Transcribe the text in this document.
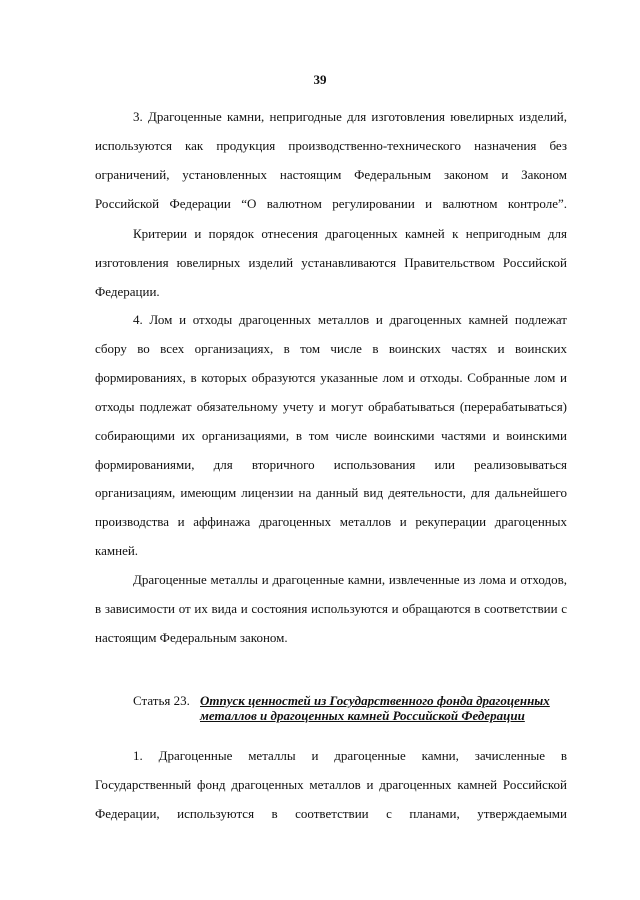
39

3. Драгоценные камни, непригодные для изготовления ювелирных изделий, используются как продукция производственно-технического назначения без ограничений, установленных настоящим Федеральным законом и Законом Российской Федерации “О валютном регулировании и валютном контроле”.

Критерии и порядок отнесения драгоценных камней к непригодным для изготовления ювелирных изделий устанавливаются Правительством Российской Федерации.

4. Лом и отходы драгоценных металлов и драгоценных камней подлежат сбору во всех организациях, в том числе в воинских частях и воинских формированиях, в которых образуются указанные лом и отходы. Собранные лом и отходы подлежат обязательному учету и могут обрабатываться (перерабатываться) собирающими их организациями, в том числе воинскими частями и воинскими формированиями, для вторичного использования или реализовываться организациям, имеющим лицензии на данный вид деятельности, для дальнейшего производства и аффинажа драгоценных металлов и рекуперации драгоценных камней.

Драгоценные металлы и драгоценные камни, извлеченные из лома и отходов, в зависимости от их вида и состояния используются и обращаются в соответствии с настоящим Федеральным законом.

Статья 23. Отпуск ценностей из Государственного фонда драгоценных металлов и драгоценных камней Российской Федерации

1. Драгоценные металлы и драгоценные камни, зачисленные в Государственный фонд драгоценных металлов и драгоценных камней Российской Федерации, используются в соответствии с планами, утверждаемыми
